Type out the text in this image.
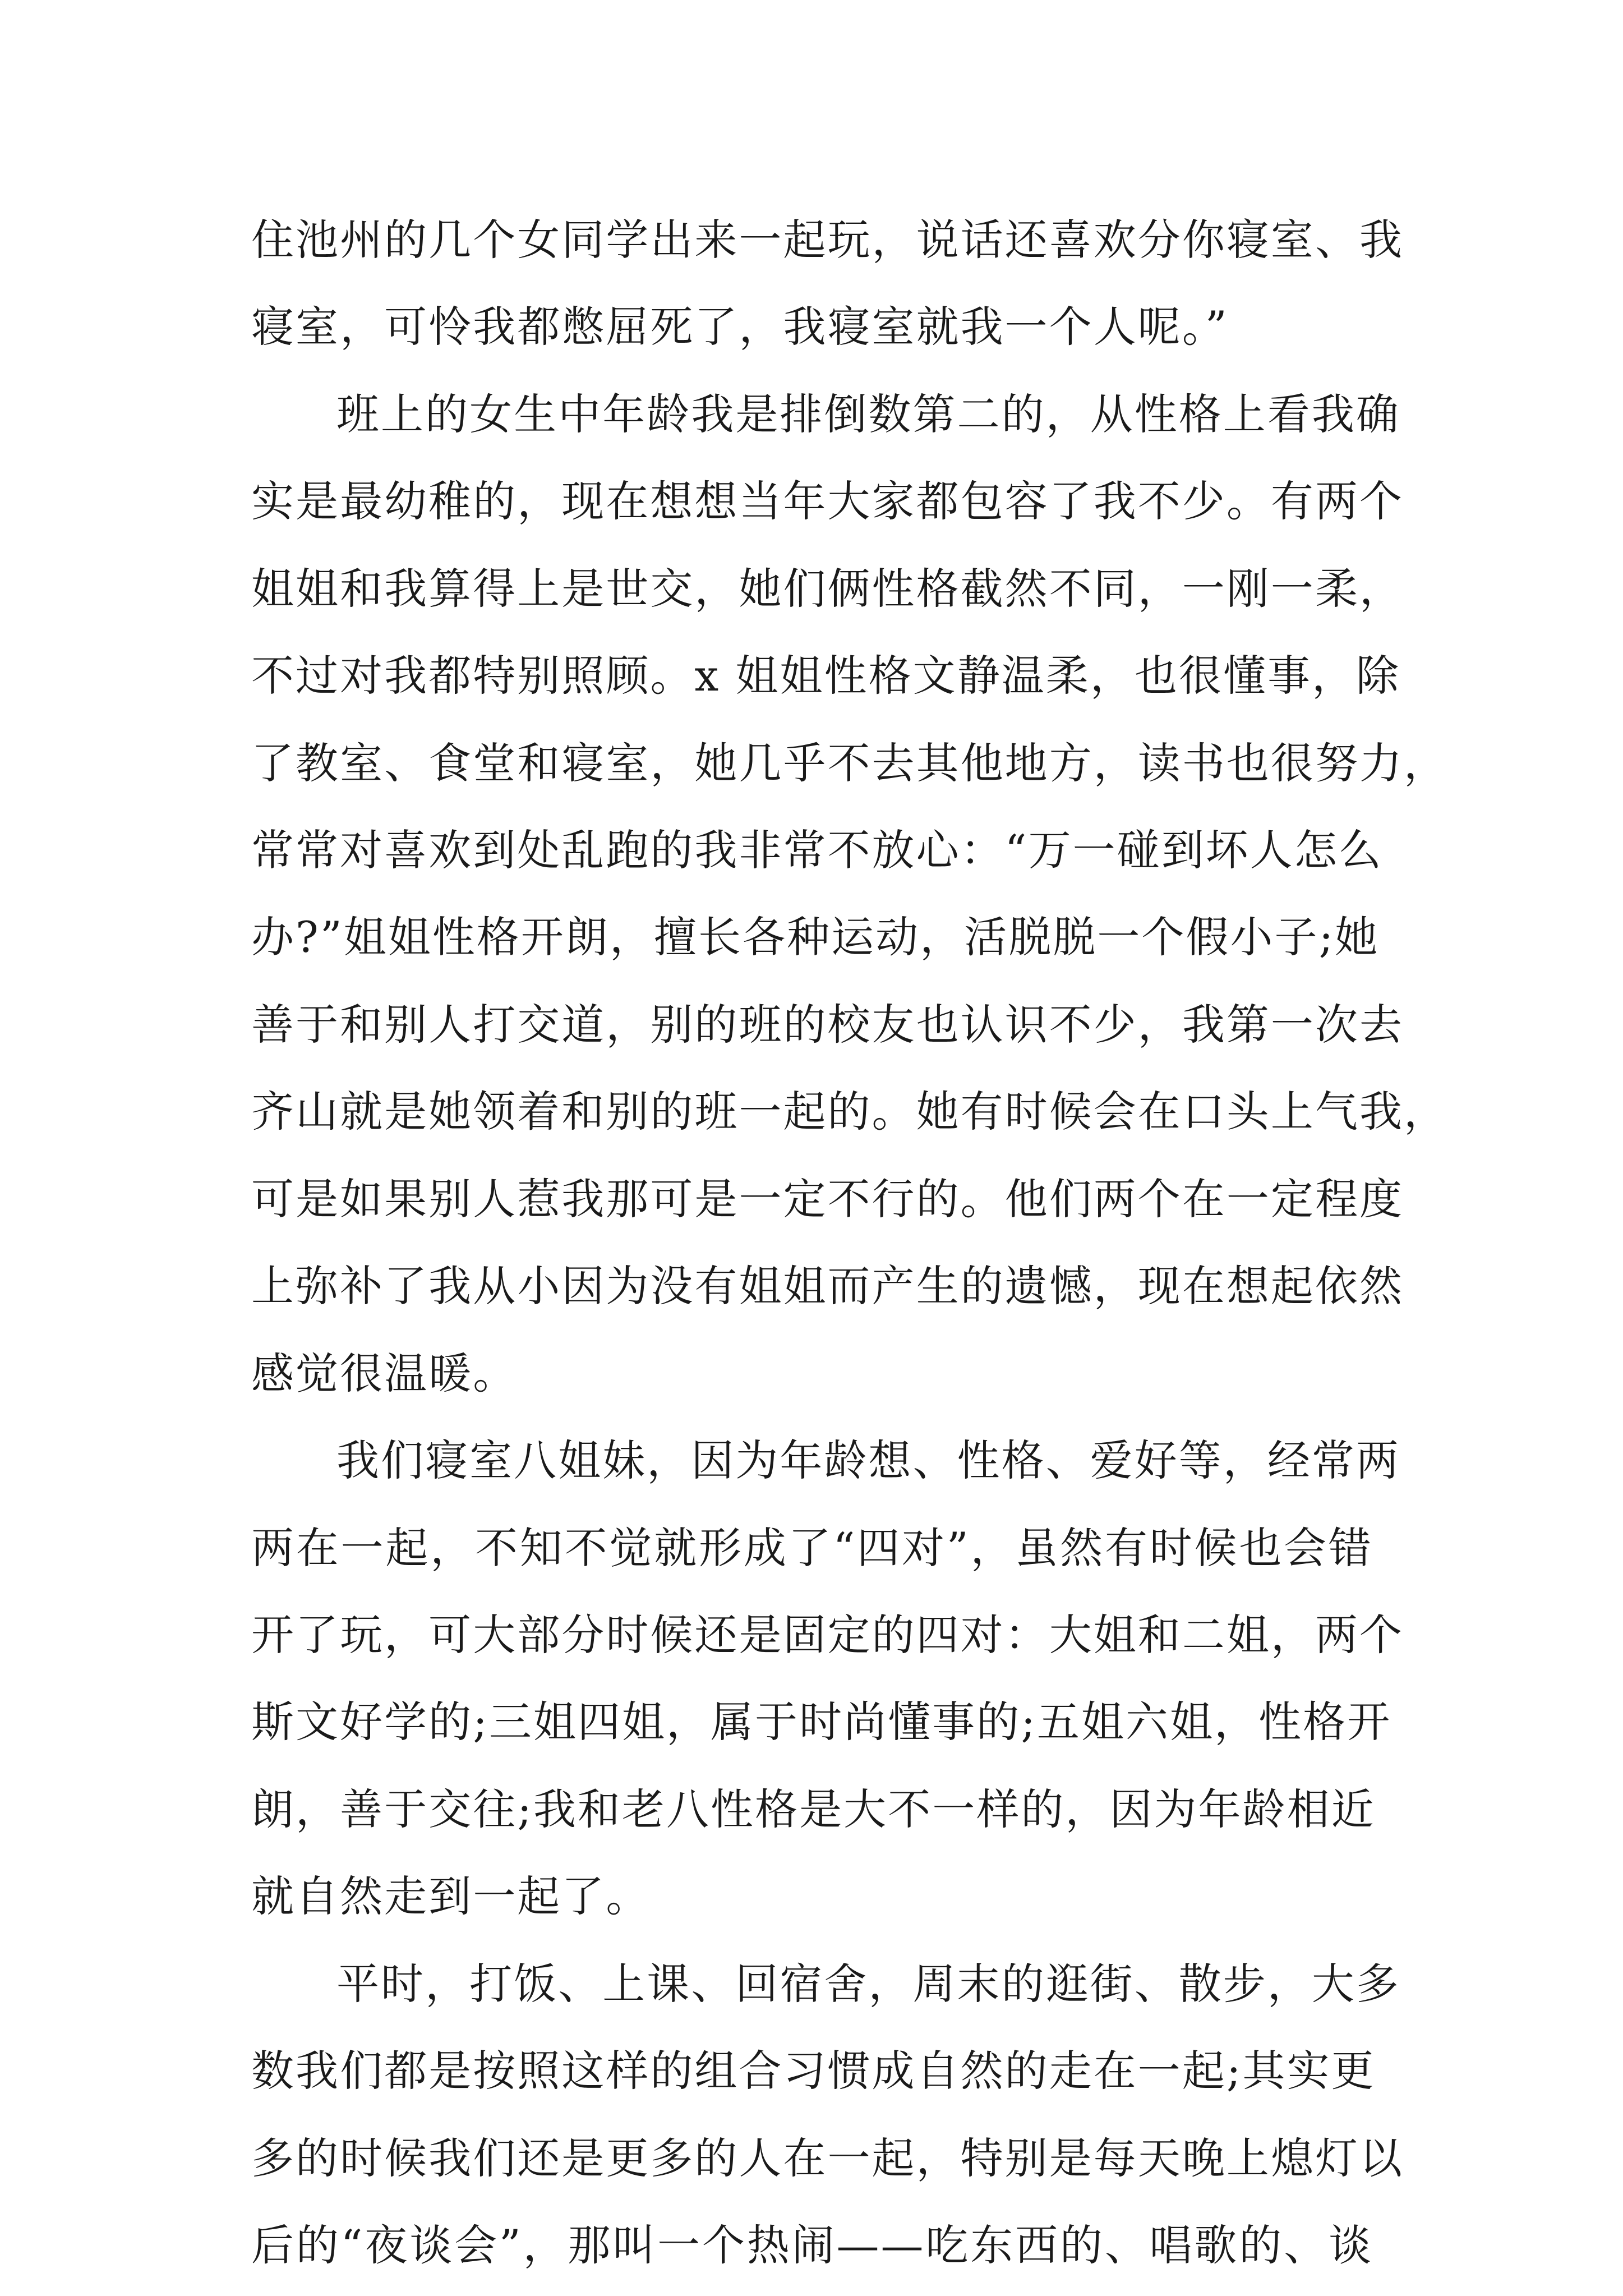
住池州的几个女同学出来一起玩，说话还喜欢分你寝室、我
寝室，可怜我都憋屈死了，我寝室就我一个人呢。”
班上的女生中年龄我是排倒数第二的，从性格上看我确
实是最幼稚的，现在想想当年大家都包容了我不少。有两个
姐姐和我算得上是世交，她们俩性格截然不同，一刚一柔，
不过对我都特别照顾。x 姐姐性格文静温柔，也很懂事，除
了教室、食堂和寝室，她几乎不去其他地方，读书也很努力，
常常对喜欢到处乱跑的我非常不放心：“万一碰到坏人怎么
办?”姐姐性格开朗，擅长各种运动，活脱脱一个假小子;她
善于和别人打交道，别的班的校友也认识不少，我第一次去
齐山就是她领着和别的班一起的。她有时候会在口头上气我，
可是如果别人惹我那可是一定不行的。他们两个在一定程度
上弥补了我从小因为没有姐姐而产生的遗憾，现在想起依然
感觉很温暖。
我们寝室八姐妹，因为年龄想、性格、爱好等，经常两
两在一起，不知不觉就形成了“四对”，虽然有时候也会错
开了玩，可大部分时候还是固定的四对：大姐和二姐，两个
斯文好学的;三姐四姐，属于时尚懂事的;五姐六姐，性格开
朗，善于交往;我和老八性格是大不一样的，因为年龄相近
就自然走到一起了。
平时，打饭、上课、回宿舍，周末的逛街、散步，大多
数我们都是按照这样的组合习惯成自然的走在一起;其实更
多的时候我们还是更多的人在一起，特别是每天晚上熄灯以
后的“夜谈会”，那叫一个热闹——吃东西的、唱歌的、谈
